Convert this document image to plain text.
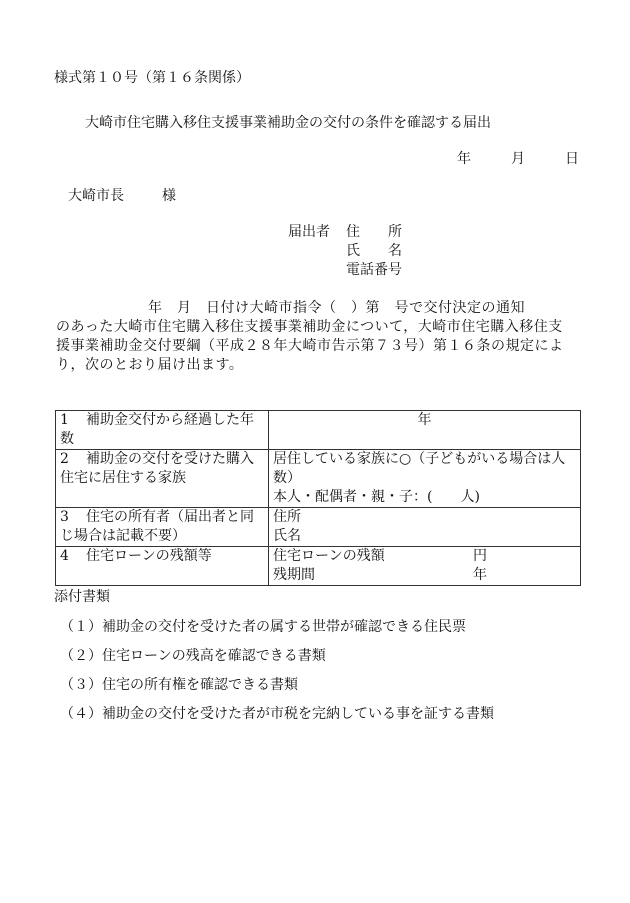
様式第１０号（第１６条関係）
大崎市住宅購入移住支援事業補助金の交付の条件を確認する届出
年	月	日
大崎市長	様
届出者 住　　所
氏　　名
電話番号
年　月　日付け大崎市指令（　）第　号で交付決定の通知
のあった大崎市住宅購入移住支援事業補助金について，大崎市住宅購入移住支援事業補助金交付要綱（平成２８年大崎市告示第７３号）第１６条の規定により，次のとおり届け出ます。
1 補助金交付から経過した年数	年
2 補助金の交付を受けた購入住宅に居住する家族	居住している家族に○（子どもがいる場合は人数）
本人・配偶者・親・子：(　　人)

3 住宅の所有者（届出者と同じ場合は記載不要）	住所
氏名

4 住宅ローンの残額等	住宅ローンの残額 円
残期間 年
添付書類
（１）補助金の交付を受けた者の属する世帯が確認できる住民票
（２）住宅ローンの残高を確認できる書類
（３）住宅の所有権を確認できる書類
（４）補助金の交付を受けた者が市税を完納している事を証する書類
